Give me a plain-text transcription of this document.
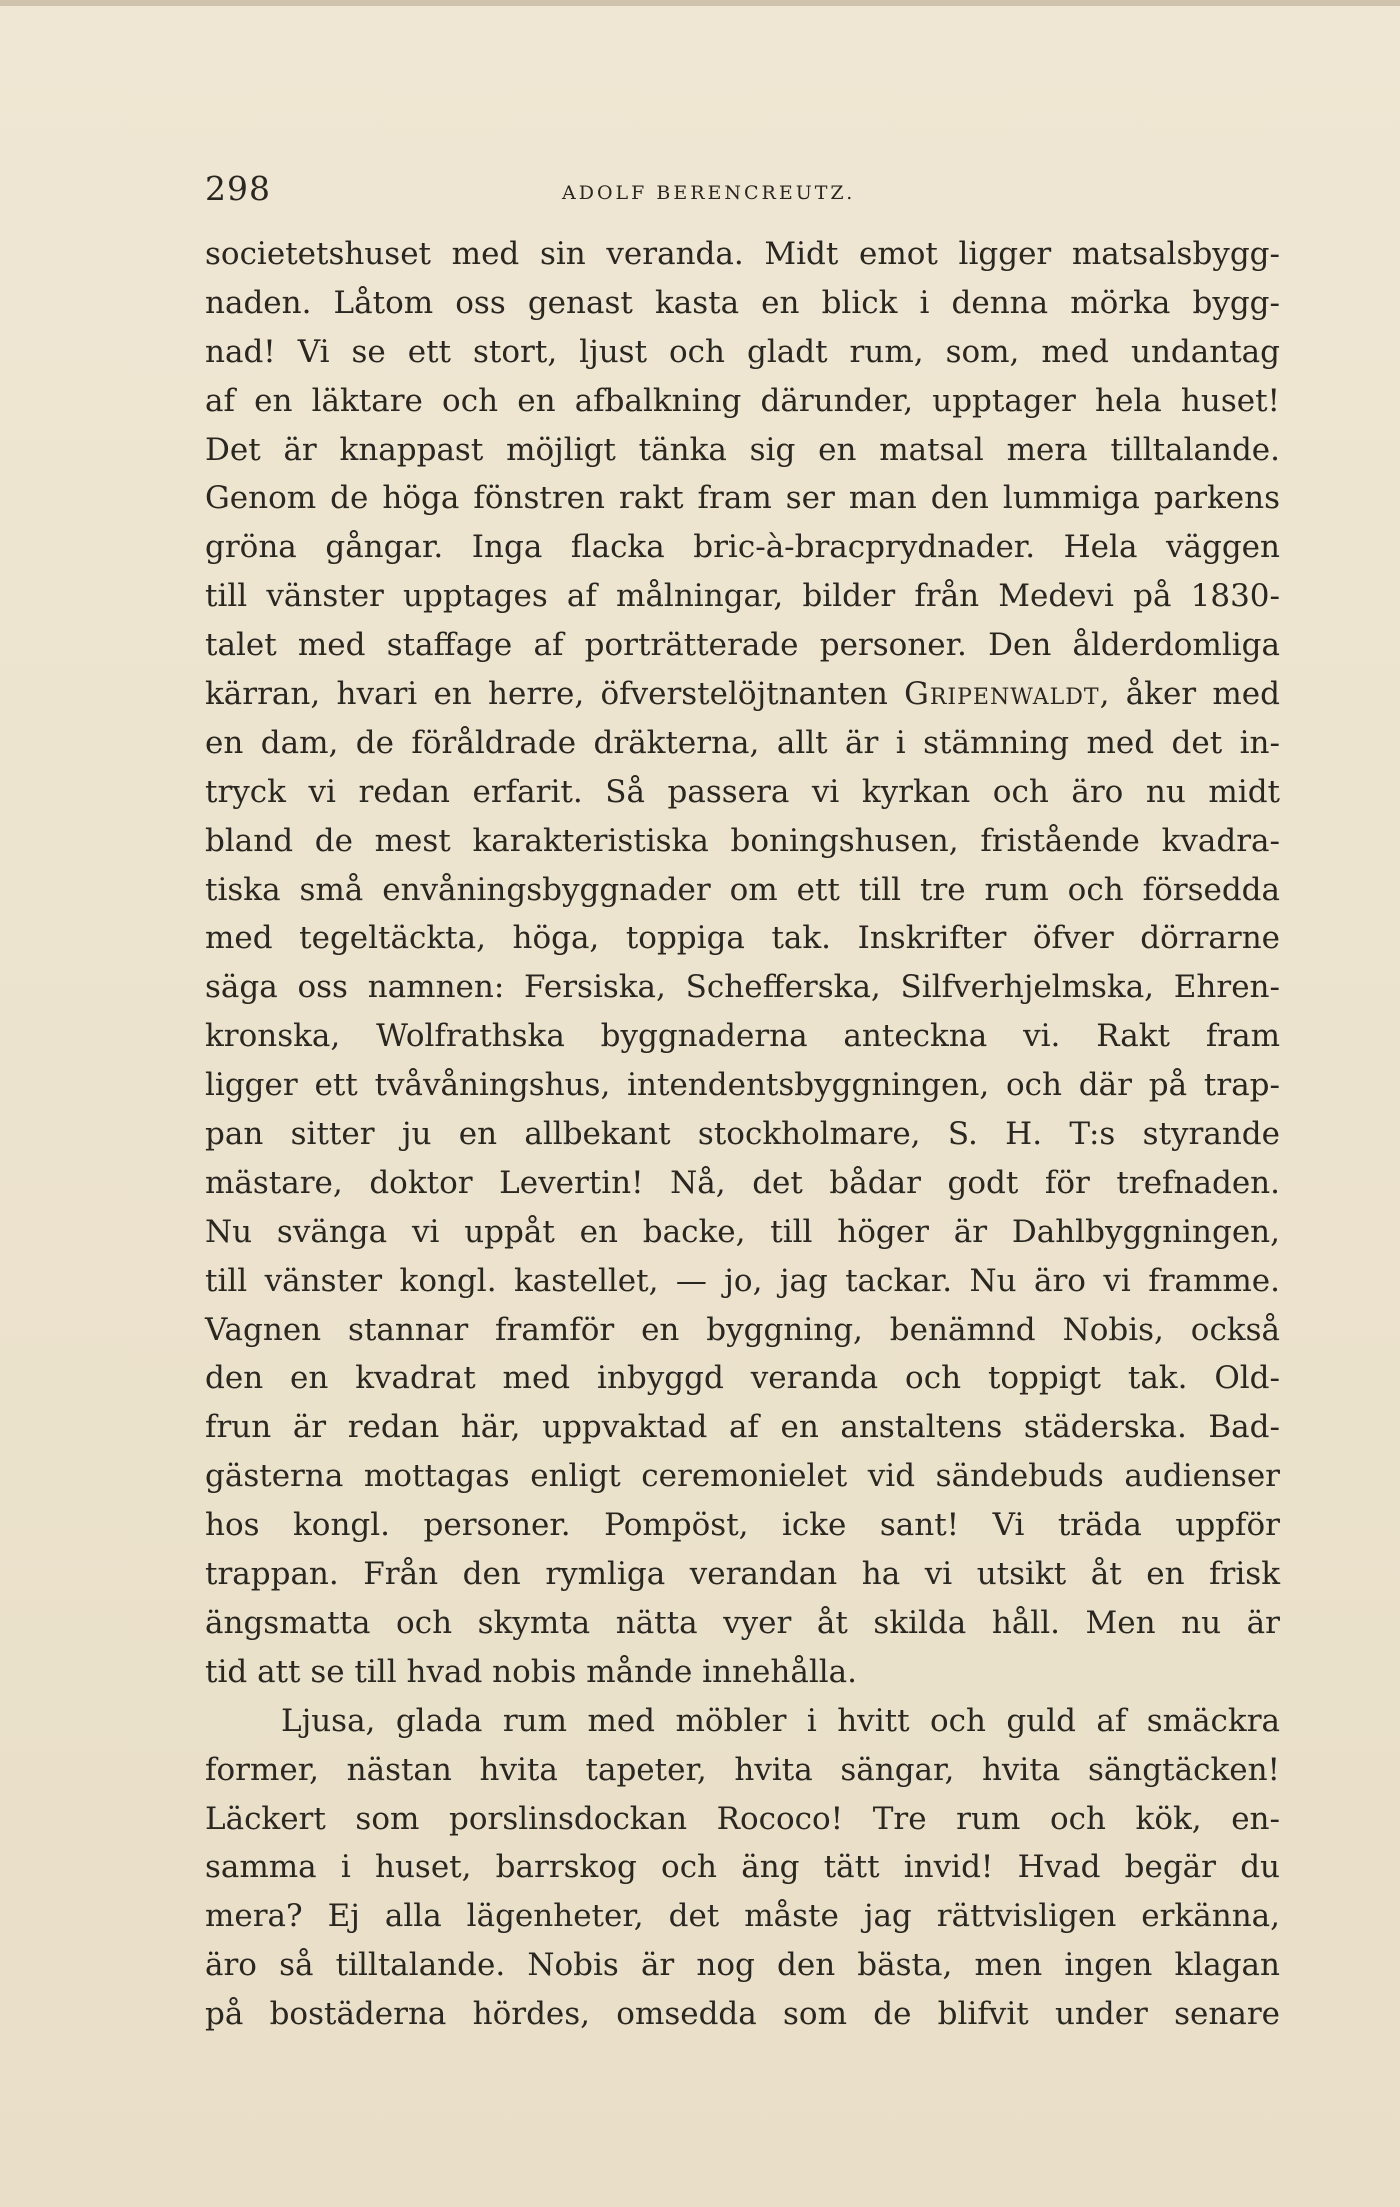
298	ADOLF BERENCREUTZ.
societetshuset med sin veranda. Midt emot ligger matsalsbygg-
naden. Låtom oss genast kasta en blick i denna mörka bygg-
nad! Vi se ett stort, ljust och gladt rum, som, med undantag
af en läktare och en afbalkning därunder, upptager hela huset!
Det är knappast möjligt tänka sig en matsal mera tilltalande.
Genom de höga fönstren rakt fram ser man den lummiga parkens
gröna gångar. Inga flacka bric-à-bracprydnader. Hela väggen
till vänster upptages af målningar, bilder från Medevi på 1830-
talet med staffage af porträtterade personer. Den ålderdomliga
kärran, hvari en herre, öfverstelöjtnanten Gripenwaldt, åker med
en dam, de föråldrade dräkterna, allt är i stämning med det in-
tryck vi redan erfarit. Så passera vi kyrkan och äro nu midt
bland de mest karakteristiska boningshusen, fristående kvadra-
tiska små envåningsbyggnader om ett till tre rum och försedda
med tegeltäckta, höga, toppiga tak. Inskrifter öfver dörrarne
säga oss namnen: Fersiska, Schefferska, Silfverhjelmska, Ehren-
kronska, Wolfrathska byggnaderna anteckna vi. Rakt fram
ligger ett tvåvåningshus, intendentsbyggningen, och där på trap-
pan sitter ju en allbekant stockholmare, S. H. T:s styrande
mästare, doktor Levertin! Nå, det bådar godt för trefnaden.
Nu svänga vi uppåt en backe, till höger är Dahlbyggningen,
till vänster kongl. kastellet, — jo, jag tackar. Nu äro vi framme.
Vagnen stannar framför en byggning, benämnd Nobis, också
den en kvadrat med inbyggd veranda och toppigt tak. Old-
frun är redan här, uppvaktad af en anstaltens städerska. Bad-
gästerna mottagas enligt ceremonielet vid sändebuds audienser
hos kongl. personer. Pompöst, icke sant! Vi träda uppför
trappan. Från den rymliga verandan ha vi utsikt åt en frisk
ängsmatta och skymta nätta vyer åt skilda håll. Men nu är
tid att se till hvad nobis månde innehålla.
Ljusa, glada rum med möbler i hvitt och guld af smäckra
former, nästan hvita tapeter, hvita sängar, hvita sängtäcken!
Läckert som porslinsdockan Rococo! Tre rum och kök, en-
samma i huset, barrskog och äng tätt invid! Hvad begär du
mera? Ej alla lägenheter, det måste jag rättvisligen erkänna,
äro så tilltalande. Nobis är nog den bästa, men ingen klagan
på bostäderna hördes, omsedda som de blifvit under senare
